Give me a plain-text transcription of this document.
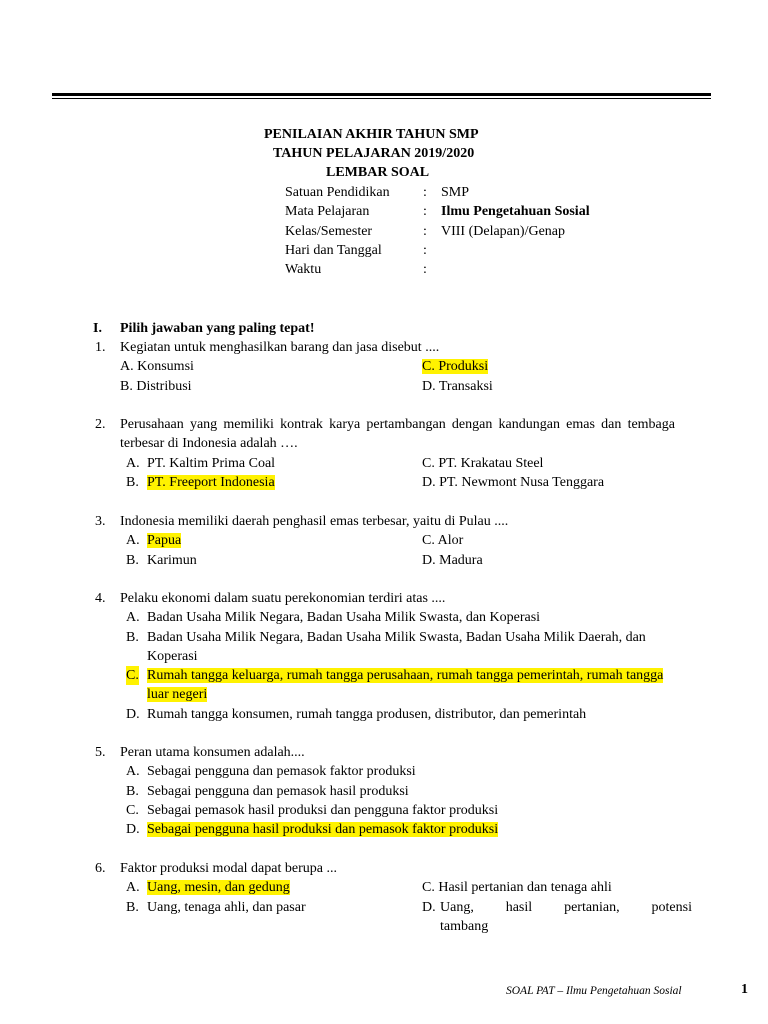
PENILAIAN AKHIR TAHUN SMP
TAHUN PELAJARAN 2019/2020
LEMBAR SOAL
Satuan Pendidikan : SMP
Mata Pelajaran	: Ilmu Pengetahuan Sosial
Kelas/Semester	: VIII (Delapan)/Genap
Hari dan Tanggal	:
Waktu	:
I. Pilih jawaban yang paling tepat!
1. Kegiatan untuk menghasilkan barang dan jasa disebut ....
A. Konsumsi	C. Produksi
B. Distribusi	D. Transaksi
2. Perusahaan yang memiliki kontrak karya pertambangan dengan kandungan emas dan tembaga terbesar di Indonesia adalah ….
A. PT. Kaltim Prima Coal	C. PT. Krakatau Steel
B. PT. Freeport Indonesia	D. PT. Newmont Nusa Tenggara
3. Indonesia memiliki daerah penghasil emas terbesar, yaitu di Pulau ....
A. Papua	C. Alor
B. Karimun	D. Madura
4. Pelaku ekonomi dalam suatu perekonomian terdiri atas ....
A. Badan Usaha Milik Negara, Badan Usaha Milik Swasta, dan Koperasi
B. Badan Usaha Milik Negara, Badan Usaha Milik Swasta, Badan Usaha Milik Daerah, dan Koperasi
C. Rumah tangga keluarga, rumah tangga perusahaan, rumah tangga pemerintah, rumah tangga luar negeri
D. Rumah tangga konsumen, rumah tangga produsen, distributor, dan pemerintah
5. Peran utama konsumen adalah....
A. Sebagai pengguna dan pemasok faktor produksi
B. Sebagai pengguna dan pemasok hasil produksi
C. Sebagai pemasok hasil produksi dan pengguna faktor produksi
D. Sebagai pengguna hasil produksi dan pemasok faktor produksi
6. Faktor produksi modal dapat berupa ...
A. Uang, mesin, dan gedung	C. Hasil pertanian dan tenaga ahli
B. Uang, tenaga ahli, dan pasar	D. Uang, hasil pertanian, potensi
tambang
SOAL PAT – Ilmu Pengetahuan Sosial	1
